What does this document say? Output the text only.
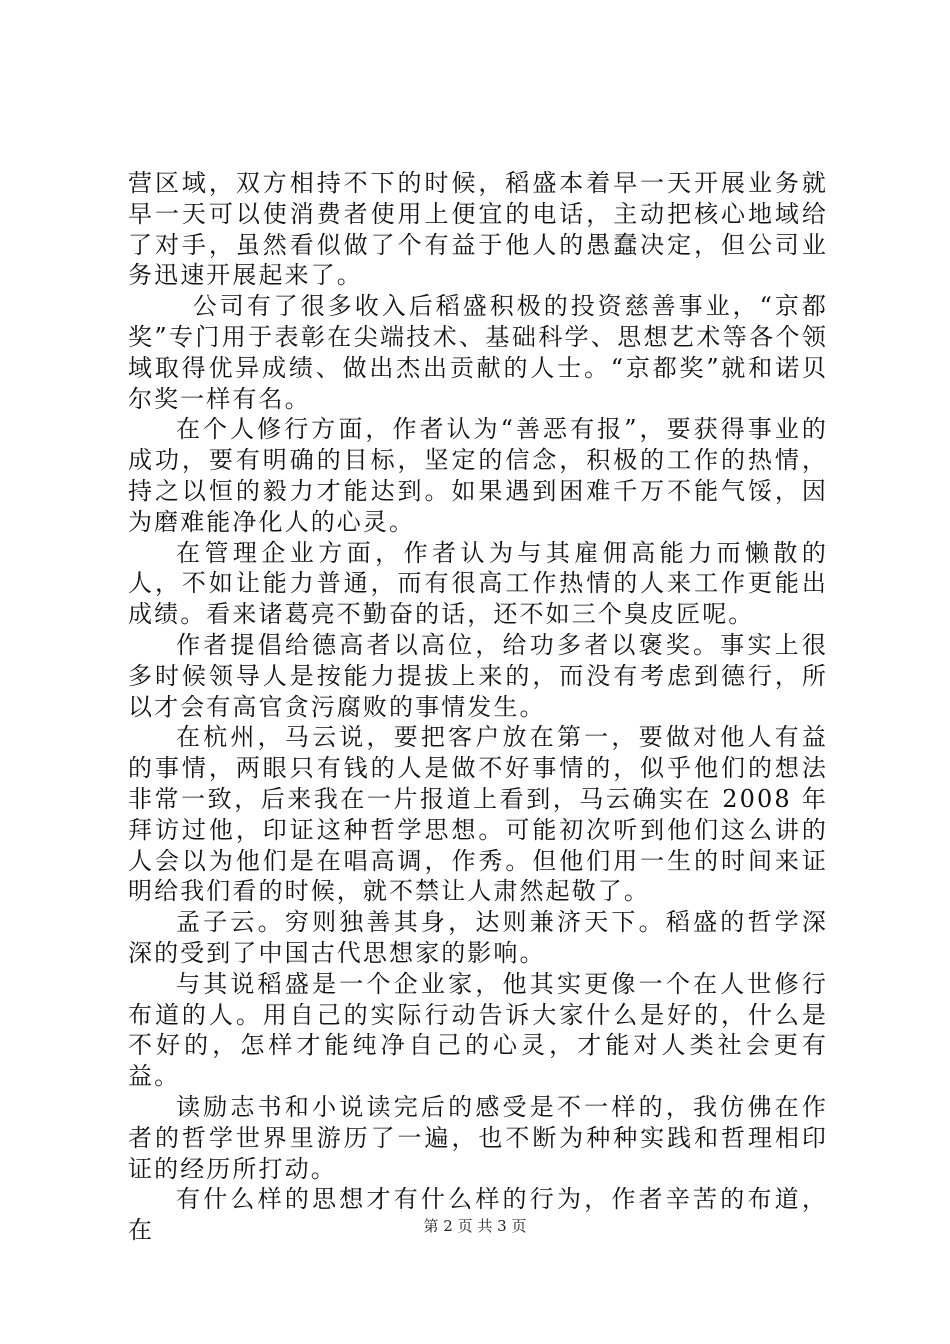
营区域，双方相持不下的时候，稻盛本着早一天开展业务就早一天可以使消费者使用上便宜的电话，主动把核心地域给了对手，虽然看似做了个有益于他人的愚蠢决定，但公司业务迅速开展起来了。

公司有了很多收入后稻盛积极的投资慈善事业，“京都奖”专门用于表彰在尖端技术、基础科学、思想艺术等各个领域取得优异成绩、做出杰出贡献的人士。“京都奖”就和诺贝尔奖一样有名。

在个人修行方面，作者认为“善恶有报”，要获得事业的成功，要有明确的目标，坚定的信念，积极的工作的热情，持之以恒的毅力才能达到。如果遇到困难千万不能气馁，因为磨难能净化人的心灵。

在管理企业方面，作者认为与其雇佣高能力而懒散的人，不如让能力普通，而有很高工作热情的人来工作更能出成绩。看来诸葛亮不勤奋的话，还不如三个臭皮匠呢。

作者提倡给德高者以高位，给功多者以褒奖。事实上很多时候领导人是按能力提拔上来的，而没有考虑到德行，所以才会有高官贪污腐败的事情发生。

在杭州，马云说，要把客户放在第一，要做对他人有益的事情，两眼只有钱的人是做不好事情的，似乎他们的想法非常一致，后来我在一片报道上看到，马云确实在 2008 年拜访过他，印证这种哲学思想。可能初次听到他们这么讲的人会以为他们是在唱高调，作秀。但他们用一生的时间来证明给我们看的时候，就不禁让人肃然起敬了。

孟子云。穷则独善其身，达则兼济天下。稻盛的哲学深深的受到了中国古代思想家的影响。

与其说稻盛是一个企业家，他其实更像一个在人世修行布道的人。用自己的实际行动告诉大家什么是好的，什么是不好的，怎样才能纯净自己的心灵，才能对人类社会更有益。

读励志书和小说读完后的感受是不一样的，我仿佛在作者的哲学世界里游历了一遍，也不断为种种实践和哲理相印证的经历所打动。

有什么样的思想才有什么样的行为，作者辛苦的布道，在	第 2 页 共 3 页
